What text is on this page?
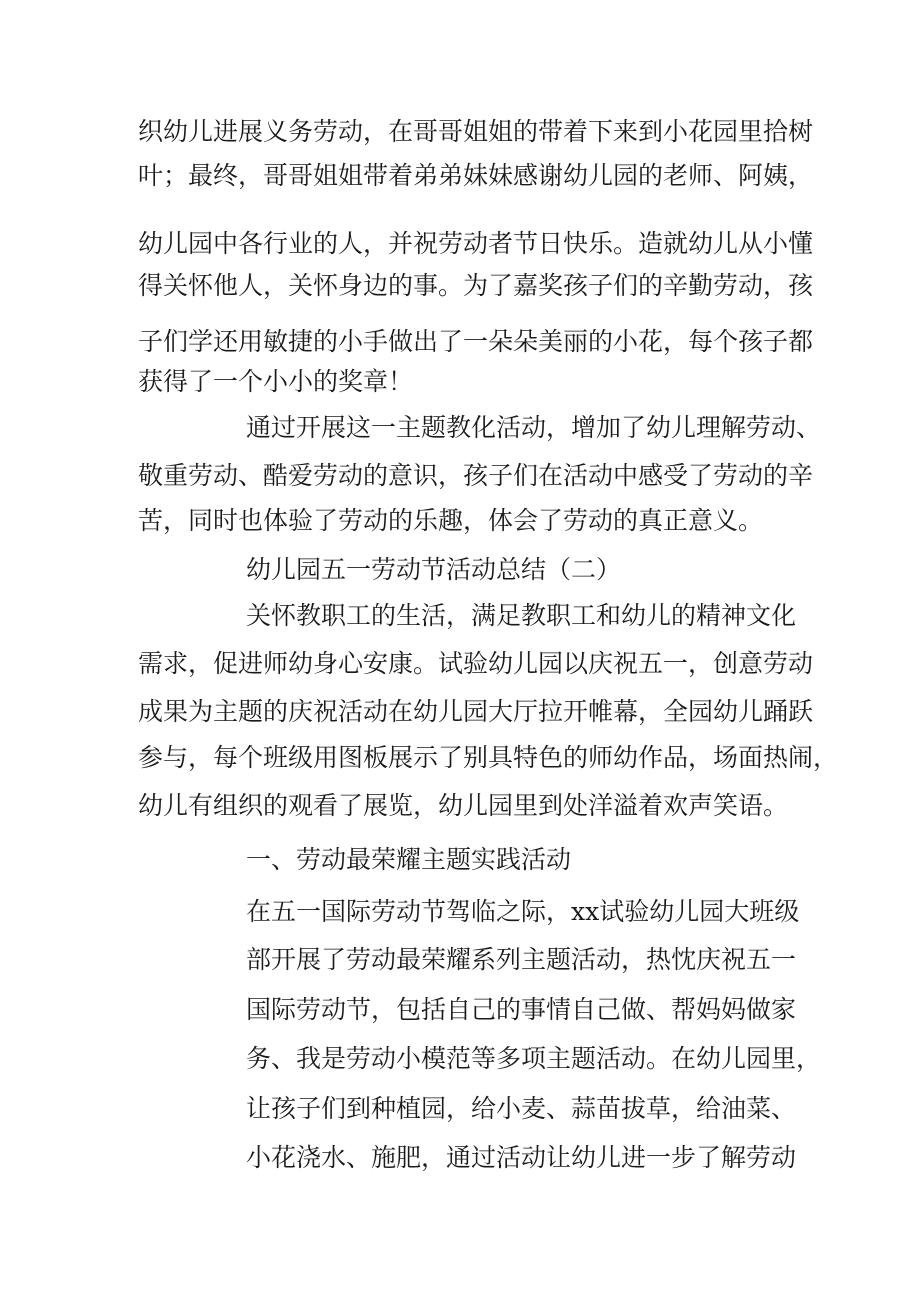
织幼儿进展义务劳动，在哥哥姐姐的带着下来到小花园里拾树
叶；最终，哥哥姐姐带着弟弟妹妹感谢幼儿园的老师、阿姨，
幼儿园中各行业的人，并祝劳动者节日快乐。造就幼儿从小懂
得关怀他人，关怀身边的事。为了嘉奖孩子们的辛勤劳动，孩
子们学还用敏捷的小手做出了一朵朵美丽的小花，每个孩子都
获得了一个小小的奖章！
通过开展这一主题教化活动，增加了幼儿理解劳动、
敬重劳动、酷爱劳动的意识，孩子们在活动中感受了劳动的辛
苦，同时也体验了劳动的乐趣，体会了劳动的真正意义。
幼儿园五一劳动节活动总结（二）
关怀教职工的生活，满足教职工和幼儿的精神文化
需求，促进师幼身心安康。试验幼儿园以庆祝五一，创意劳动
成果为主题的庆祝活动在幼儿园大厅拉开帷幕，全园幼儿踊跃
参与，每个班级用图板展示了别具特色的师幼作品，场面热闹，
幼儿有组织的观看了展览，幼儿园里到处洋溢着欢声笑语。
一、劳动最荣耀主题实践活动
在五一国际劳动节驾临之际，xx试验幼儿园大班级
部开展了劳动最荣耀系列主题活动，热忱庆祝五一
国际劳动节，包括自己的事情自己做、帮妈妈做家
务、我是劳动小模范等多项主题活动。在幼儿园里，
让孩子们到种植园，给小麦、蒜苗拔草，给油菜、
小花浇水、施肥，通过活动让幼儿进一步了解劳动
